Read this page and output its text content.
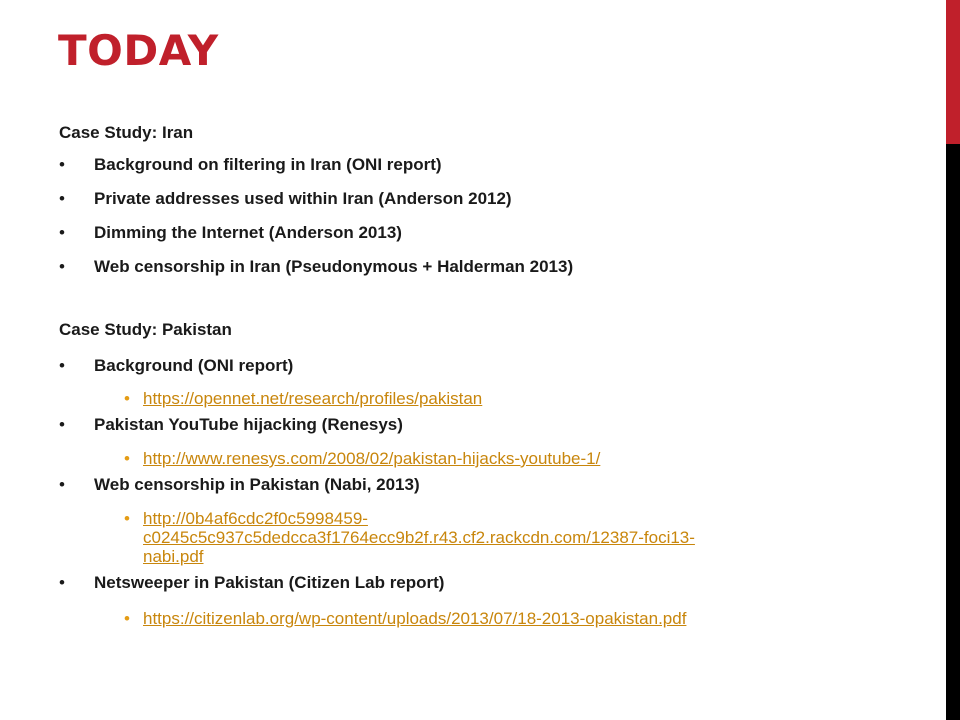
TODAY

Case Study: Iran

• Background on filtering in Iran (ONI report)

• Private addresses used within Iran (Anderson 2012)

• Dimming the Internet (Anderson 2013)

• Web censorship in Iran (Pseudonymous + Halderman 2013)

Case Study: Pakistan

• Background (ONI report)

• https://opennet.net/research/profiles/pakistan
• Pakistan YouTube hijacking (Renesys)

• http://www.renesys.com/2008/02/pakistan-hijacks-youtube-1/
• Web censorship in Pakistan (Nabi, 2013)

• http://0b4af6cdc2f0c5998459-
c0245c5c937c5dedcca3f1764ecc9b2f.r43.cf2.rackcdn.com/12387-foci13-
nabi.pdf
• Netsweeper in Pakistan (Citizen Lab report)

• https://citizenlab.org/wp-content/uploads/2013/07/18-2013-opakistan.pdf
